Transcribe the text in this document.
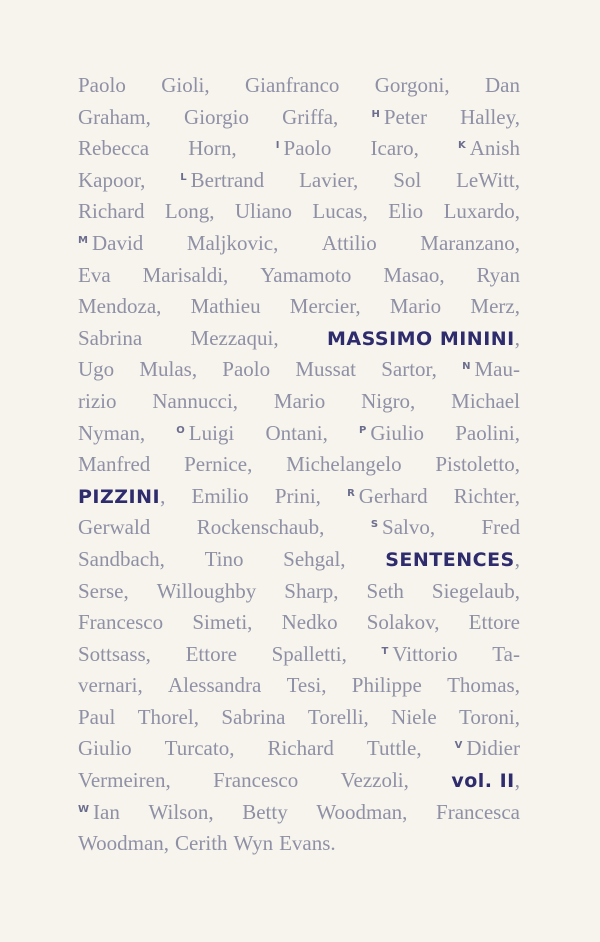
Paolo Gioli, Gianfranco Gorgoni, Dan
Graham, Giorgio Griffa,	$^H$ Peter Halley,
Rebecca Horn,	$^I$ Paolo Icaro,	$^K$ Anish
Kapoor,	$^L$ Bertrand Lavier, Sol LeWitt,
Richard Long, Uliano Lucas, Elio Luxardo,
$^M$ David Maljkovic, Attilio Maranzano,
Eva Marisaldi, Yamamoto Masao, Ryan
Mendoza, Mathieu Mercier, Mario Merz,
Sabrina Mezzaqui,	MASSIMO MININI,
Ugo Mulas, Paolo Mussat Sartor,	$^N$ Mau-
rizio Nannucci, Mario Nigro, Michael
Nyman,	$^O$ Luigi Ontani,	$^P$ Giulio Paolini,
Manfred Pernice, Michelangelo Pistoletto,
PIZZINI, Emilio Prini,	$^R$ Gerhard Richter,
Gerwald Rockenschaub,	$^S$ Salvo, Fred
Sandbach, Tino Sehgal, SENTENCES,
Serse, Willoughby Sharp, Seth Siegelaub,
Francesco Simeti, Nedko Solakov, Ettore
Sottsass, Ettore Spalletti,	$^T$ Vittorio Ta-
vernari, Alessandra Tesi, Philippe Thomas,
Paul Thorel, Sabrina Torelli, Niele Toroni,
Giulio Turcato, Richard Tuttle,	$^V$ Didier
Vermeiren, Francesco Vezzoli, vol. II,
$^W$ Ian Wilson, Betty Woodman, Francesca
Woodman, Cerith Wyn Evans.
